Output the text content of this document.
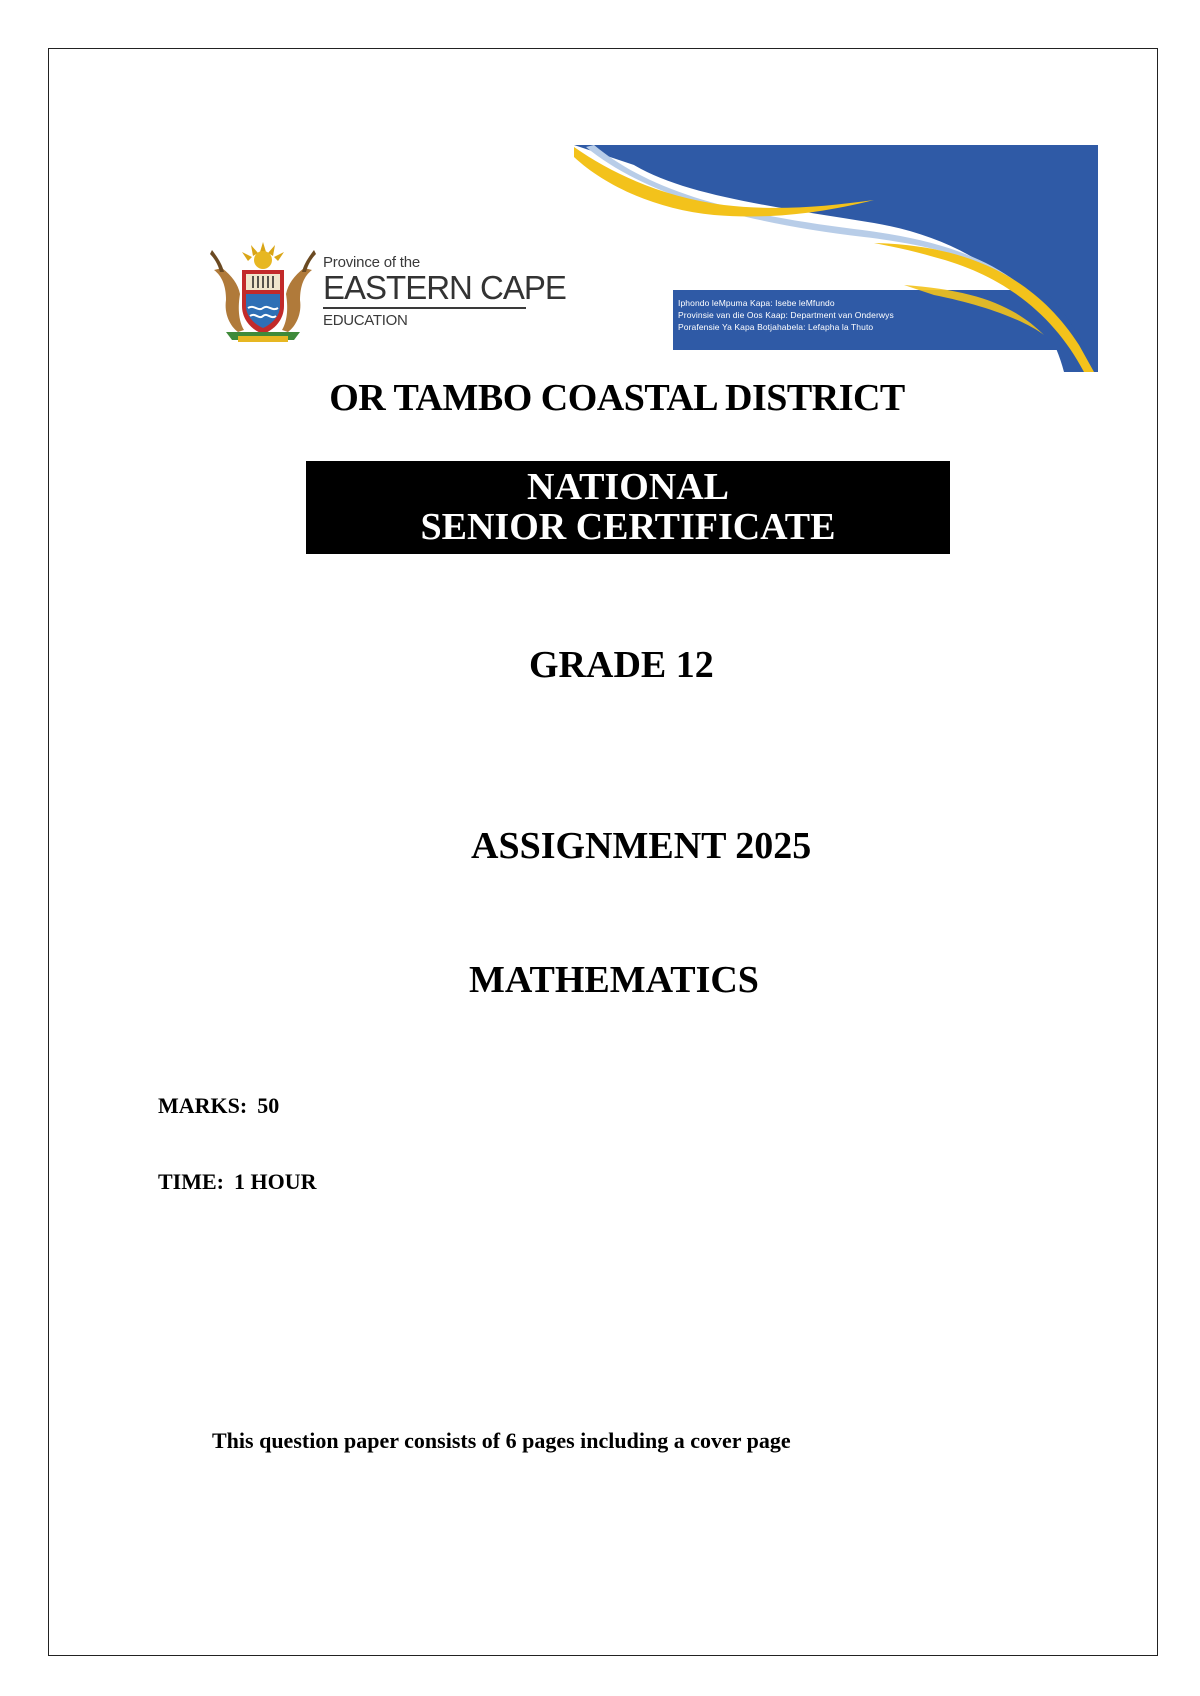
Iphondo leMpuma Kapa: Isebe leMfundo
Provinsie van die Oos Kaap: Department van Onderwys
Porafensie Ya Kapa Botjahabela: Lefapha la Thuto
Province of the
EASTERN CAPE
EDUCATION
OR TAMBO COASTAL DISTRICT
NATIONAL
SENIOR CERTIFICATE
GRADE 12
ASSIGNMENT 2025
MATHEMATICS
MARKS: 50
TIME: 1 HOUR
This question paper consists of 6 pages including a cover page
